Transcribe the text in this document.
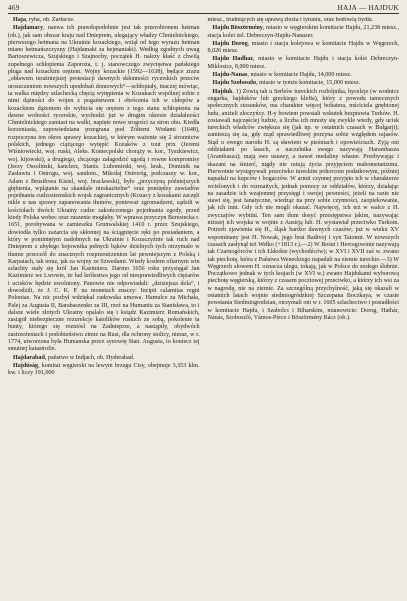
469	HAJA — HAJDUK

Haja, ryba, ob. Żarłacze.

Hajdamacy, nazwa ich prawdopodobnie jest tak przerobionem hetman (ob.), jak sam obszar kraju nad Dnieprem, ulegający władzy Chmielnickiego, pierwszego hetmana na Ukrainie kozackiego, wziął od tego wyrazu hetman miano hetmańszczyzny (Hajdamaki za hejmaniaki). Według zgodnych uwag Bartoszewicza, Szujskiego i Szajnochy, początek H. należy kłaść z chwilą zupełnego schłopienia Zaporoża, t. j. stanowczego zwycięstwa pańskiego pługa nad kozackim orężem. Wojny kozackie (1592—1638), będące zrazu „obławem terażniejszej protestacji dawnych skłonności rycerskich przeciw uroszczeniom nowszych upodobań domowych“—schłopiały, inaczej mówiąc, ta walka między szlachecką chęcią wytępienia w Kozakach wspólnej sobie z nimi dążności do wojen z pogaństwem i obrócenia ich w chłopów a kozackiem dążeniem do wybicia się orężem z tego stanu schłopienia na dawne wolności rycerskie, wychodzi już w drugim okresie działalności Chmielnickiego zamiast na walki, napięte nowe srogości za stron obu. Kiedła korzeniasta, zapowiedziana przegrana pod Żółtemi Wodami (1648), rozpoczyna ten okres sprawy kozackiej, w którym ważenie się 2 stronnictw polskich, jednego ciążącego wytępić Kozaków z tout prix (Jeremi Wiśniowiecki, woj. ruski, Aleks. Koniecpolski chorąży w. kor., Tyszkiewicz, woj. kijowski), a drugiego, chcącego załagodzić ugodą i rowne kompromisy (Jerzy Ossoliński, kanclerz, Stanis. Lubomirski, woj. krak., Dominik na Zasławiu i Ostrogu, woj. sandom., Mikołaj Ostroróg, podczaszy w. kor., Adam z Brusiłowa Kisiel, woj. braclawski), było „przyczyną późniejszych głębienia, wplątanie na skandale nieskazitelne“ oraz pomiędzy zawiadów pojednania cudzoziemskich wojsk zagranicznych (Kozacy z kozakami zaczęli nikle u nas sprawy zapanowania tłumów, ponieważ zgromadzeni, sądzili w kościołach dwóch Ukrainy cudze zakończonego pojednania zgody, przed kiedy Polska wobec oraz ruszenie mogłaby. W wprawa przyczyn Berestecka r. 1651, porobywana w zamieszku Grunwalskiej 1410 r. przez Szujskiego, dowiodła tylko zażarcia się skłonnej na ściągnięcie ręki po posiadaniem, a który w pominiętym nadobnych na Ukrainie i Kozaczyźnie tak ruch nad Dnieprem z ubyłego bojownika pełnych bąków dzielnych tych otrzymało w tłumie przeczół do znacznych rozprzestrzenion lat pewniejszym z Polską i Karpatach, tak teraz, jak za wojny ze Szwedami. Wtedy kozłem ofiarnym win szlachty stały się król Jan Kazimierz. Darmo 1656 roku przysięgał Jan Kazimierz we Lwowie, że lud królestwa jego od niesprawiedliwych ciężarów i ucisków będzie uwolniony. Panowie nie odpowiadali: „dzisiejsza dola“, i dowodzili, że J. C. K. P. na monetach znaczy: Incipit calamitas regni Poloniae. Na nic pozbył wdziękał cudowska umowa. Hamulce za Michała, Palej za Augusta II, Barabaszenko za III, rzeź na Humaniu za Stanisława, to i dalsze wiele złotych Ukrainy opalało się i ksiądz Kazimierz Romańskich, zastąpił niebezpieczne rezurekcje katolików ruskich ze sobą, pokolenie ta bunty, którego się rozniósł na Zadnieprze, a nastąpiły, obydwóch zastrzeżeniach i podobieństwu zimie na Rusi, dla ochrony stolicy, nieraz, w r. 1774, utworzona była Humanska przez synowię Stan. Augusta, to koniecz tej smutnej katastrofie.

Hajdarabad, państwo w Indjach, ob. Hyderabad.

Hajdúság, komitat węgierski na lewym brzegu Cisy, obejmuje 3,353 klm. kw. i liczy 191,000

miesz., trudniących się uprawą zboża i tytuniu, oraz hodowlą bydła.

Hajdu Böszörmény, miasto w węgierskim komitacie Hajdu, 21,238 miesz., stacja kolei żel. Debreczyn-Hajdu-Nanazer.

Hajdu Dorog, miasto i stacja kolejowa w komitacie Hajdu w Węgrzech, 8,026 miesz.

Hajdu Hadhaz, miasto w komitacie Hajdu i stacja kolei Debreczyn-Miklosicz, 8,000 miesz.

Hajdu-Nanas, miasto w komitacie Hajdu, 14,000 miesz.

Hajdu Szoboszlo, miasto w tymże komitacie, 15,000 miesz.

Hajduk. 1) Zowią tak u Serbów tureckich rozbójnika, hyceleje (w wodnicz ongarka, hajduków lub greckiego klefta), który z powodu tamecznych społecznych stosunków, ma charakter więcej bohatera, mściciela gnębionej ludu, aniżeli złoczyńcy. H-y bowiem powstali wskutek bezprawia Turków. H. zostawali najczęściej ludzie, a liczba ich mnoży się zwykle wtedy, gdy ucisk tureckich władców zwiększa się (jak np. w ostatnich czasach w Bułgarji); zamieszą się za, gdy rząd sprawiedliwej porzyna sobie względem rajasów. Stąd u owego narodu H. są sławieni w pieśniach i opowieściach. Zyją oni oddziałami po lasach, a naczelnika swego nazywają Harambasza (Arambasza); mają swe ustawy, a nawet medaliny własne. Przebywając i skazani na śmierć, nigdy nie ratują życia przyjęciem mahometanizmu. Pierwotnie wystąpywali przeciwko tureckim pohorcom podatkowym, później napadali na kupców i bogaczów. W armii czynnej przyjęto ich w charakterze wcielonych i do rozmaitych, jednak pomocy ze oddziałów, którzy, działając na zasadzie ich wzajemnej przysięgi i swojej pewności, jeżeli na razie nie stawi się, jest fanatyczne, wiedząc na przy sobie czynności, zaopiekowanie, jak ich inni. Gdy ich nie mogli okazać. Najwięcej, ich też w walce z H. zwyczajów wybitni. Ten sam tłum dosyć przestępstwa jakim, nazywając niższej ich wojska w wojnie z Austrją lub. H. wystawiał przeciwko Turkom. Potrzeb zjawienia się H., śląsk bardzo dawnych czasów; już w wieku XV wspominany jest H. Nowak, jego brat Radivoj i syn Tatomir. W nowszych czasach zasłynął też Wełko (+1813 r.).—2) W Bośni i Hercegowinie nazywają tak Czarnogórców i ich Łkkokie (wychodźców); w XVI i XVII zaś w. zwano tak piechotę, która z Państwa Weneckiego napadali na ziemie tureckie.—3) W Węgrzech słowem H. oznacza ulegu, tokają, jak w Polsce do zesłego ślubnie. Początkowo jednak w tych krajach (w XVI w.) zwano Hajdukami wyborową piechotę węgierską, którzy z czasem pocztowej przeciwko, a którzy ich wsi za w nagrodę, nie na ziemie. Za szczególną przychylność, jaką się okazali w ostatnich latach wojnie siedmiogródzkiej Szczepana Boczkaya, w czasie powstania Siedmiogrodzian, otrzymali oni w r. 1605 szlachectwo i posiadłości w komitacie Hajdu, i Szabolcs i Biharskim, mianowicie: Dorog, Hathár, Nánás, Szoboszló, Vámos-Pérce i Böszörmény Rácz (ob.).
